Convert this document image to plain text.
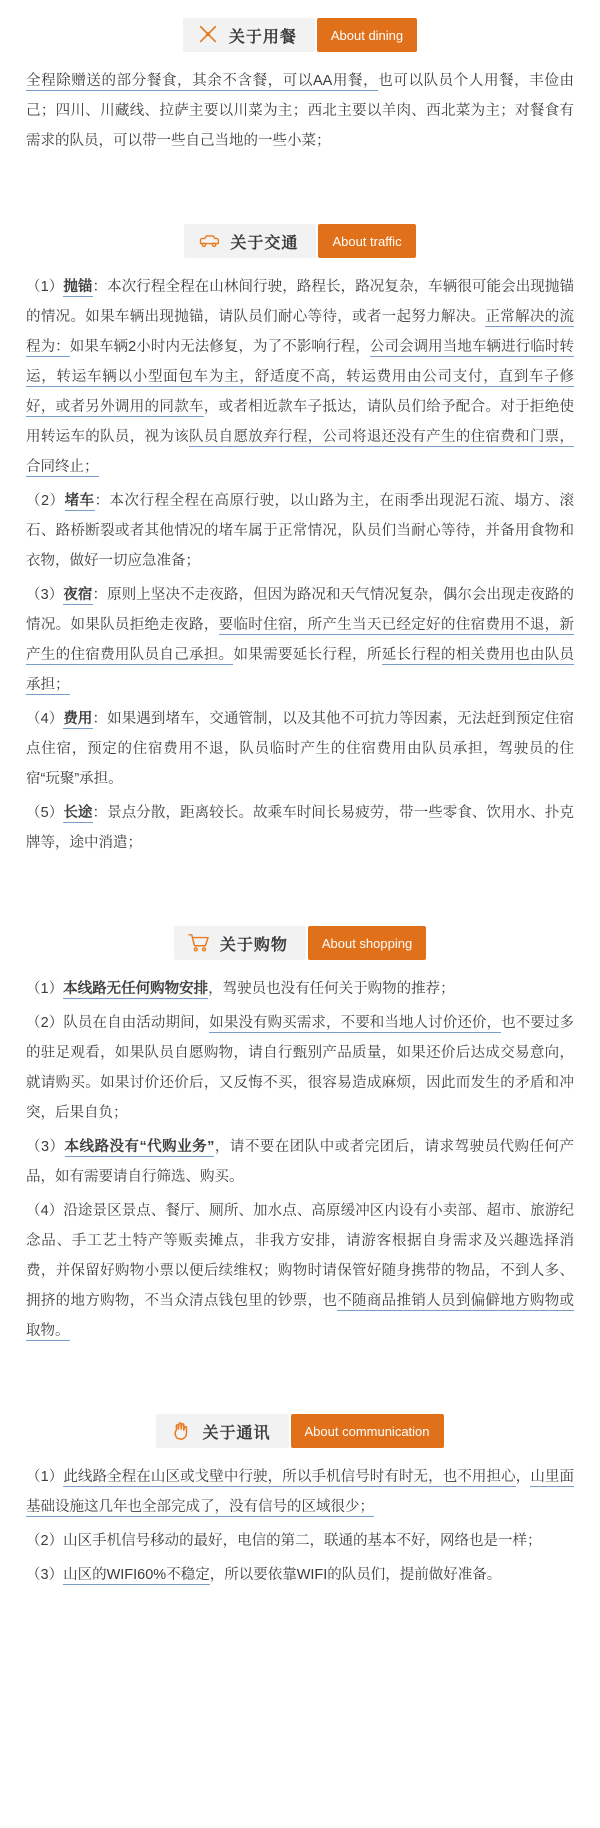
关于用餐	About dining

全程除赠送的部分餐食，其余不含餐，可以AA用餐，也可以队员个人用餐，丰俭由己；四川、川藏线、拉萨主要以川菜为主；西北主要以羊肉、西北菜为主；对餐食有需求的队员，可以带一些自己当地的一些小菜；

关于交通	About traffic

（1）抛锚：本次行程全程在山林间行驶，路程长，路况复杂，车辆很可能会出现抛锚的情况。如果车辆出现抛锚，请队员们耐心等待，或者一起努力解决。正常解决的流程为：如果车辆2小时内无法修复，为了不影响行程，公司会调用当地车辆进行临时转运，转运车辆以小型面包车为主，舒适度不高，转运费用由公司支付，直到车子修好，或者另外调用的同款车，或者相近款车子抵达，请队员们给予配合。对于拒绝使用转运车的队员，视为该队员自愿放弃行程，公司将退还没有产生的住宿费和门票，合同终止；

（2）堵车：本次行程全程在高原行驶，以山路为主，在雨季出现泥石流、塌方、滚石、路桥断裂或者其他情况的堵车属于正常情况，队员们当耐心等待，并备用食物和衣物，做好一切应急准备；

（3）夜宿：原则上坚决不走夜路，但因为路况和天气情况复杂，偶尔会出现走夜路的情况。如果队员拒绝走夜路，要临时住宿，所产生当天已经定好的住宿费用不退，新产生的住宿费用队员自己承担。如果需要延长行程，所延长行程的相关费用也由队员承担；

（4）费用：如果遇到堵车，交通管制，以及其他不可抗力等因素，无法赶到预定住宿点住宿，预定的住宿费用不退，队员临时产生的住宿费用由队员承担，驾驶员的住宿“玩聚”承担。

（5）长途：景点分散，距离较长。故乘车时间长易疲劳，带一些零食、饮用水、扑克牌等，途中消遣；

关于购物	About shopping

（1）本线路无任何购物安排，驾驶员也没有任何关于购物的推荐；

（2）队员在自由活动期间，如果没有购买需求，不要和当地人讨价还价，也不要过多的驻足观看，如果队员自愿购物，请自行甄别产品质量，如果还价后达成交易意向，就请购买。如果讨价还价后，又反悔不买，很容易造成麻烦，因此而发生的矛盾和冲突，后果自负；

（3）本线路没有“代购业务”，请不要在团队中或者完团后，请求驾驶员代购任何产品，如有需要请自行筛选、购买。

（4）沿途景区景点、餐厅、厕所、加水点、高原缓冲区内设有小卖部、超市、旅游纪念品、手工艺土特产等贩卖摊点，非我方安排，请游客根据自身需求及兴趣选择消费，并保留好购物小票以便后续维权；购物时请保管好随身携带的物品，不到人多、拥挤的地方购物，不当众清点钱包里的钞票，也不随商品推销人员到偏僻地方购物或取物。

关于通讯	About communication

（1）此线路全程在山区或戈壁中行驶，所以手机信号时有时无，也不用担心，山里面基础设施这几年也全部完成了，没有信号的区域很少；

（2）山区手机信号移动的最好，电信的第二，联通的基本不好，网络也是一样；

（3）山区的WIFI60%不稳定，所以要依靠WIFI的队员们，提前做好准备。
